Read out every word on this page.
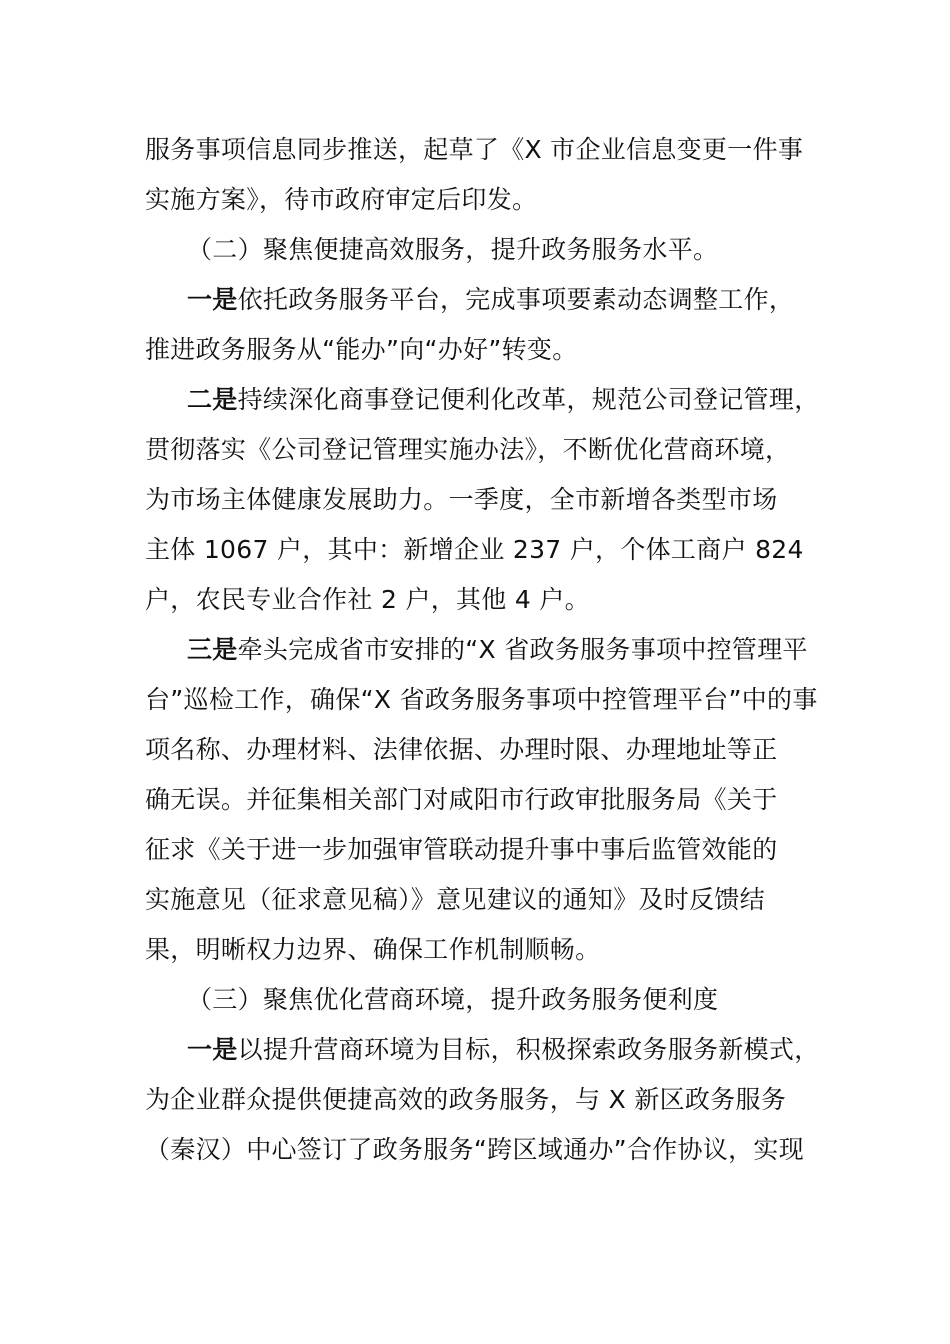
服务事项信息同步推送，起草了《X 市企业信息变更一件事
实施方案》，待市政府审定后印发。
（二）聚焦便捷高效服务，提升政务服务水平。
一是依托政务服务平台，完成事项要素动态调整工作，
推进政务服务从“能办”向“办好”转变。
二是持续深化商事登记便利化改革，规范公司登记管理，
贯彻落实《公司登记管理实施办法》，不断优化营商环境，
为市场主体健康发展助力。一季度，全市新增各类型市场
主体 1067 户，其中：新增企业 237 户，个体工商户 824
户，农民专业合作社 2 户，其他 4 户。
三是牵头完成省市安排的“X 省政务服务事项中控管理平
台”巡检工作，确保“X 省政务服务事项中控管理平台”中的事
项名称、办理材料、法律依据、办理时限、办理地址等正
确无误。并征集相关部门对咸阳市行政审批服务局《关于
征求《关于进一步加强审管联动提升事中事后监管效能的
实施意见（征求意见稿）》意见建议的通知》及时反馈结
果，明晰权力边界、确保工作机制顺畅。
（三）聚焦优化营商环境，提升政务服务便利度
一是以提升营商环境为目标，积极探索政务服务新模式，
为企业群众提供便捷高效的政务服务，与 X 新区政务服务
（秦汉）中心签订了政务服务“跨区域通办”合作协议，实现
